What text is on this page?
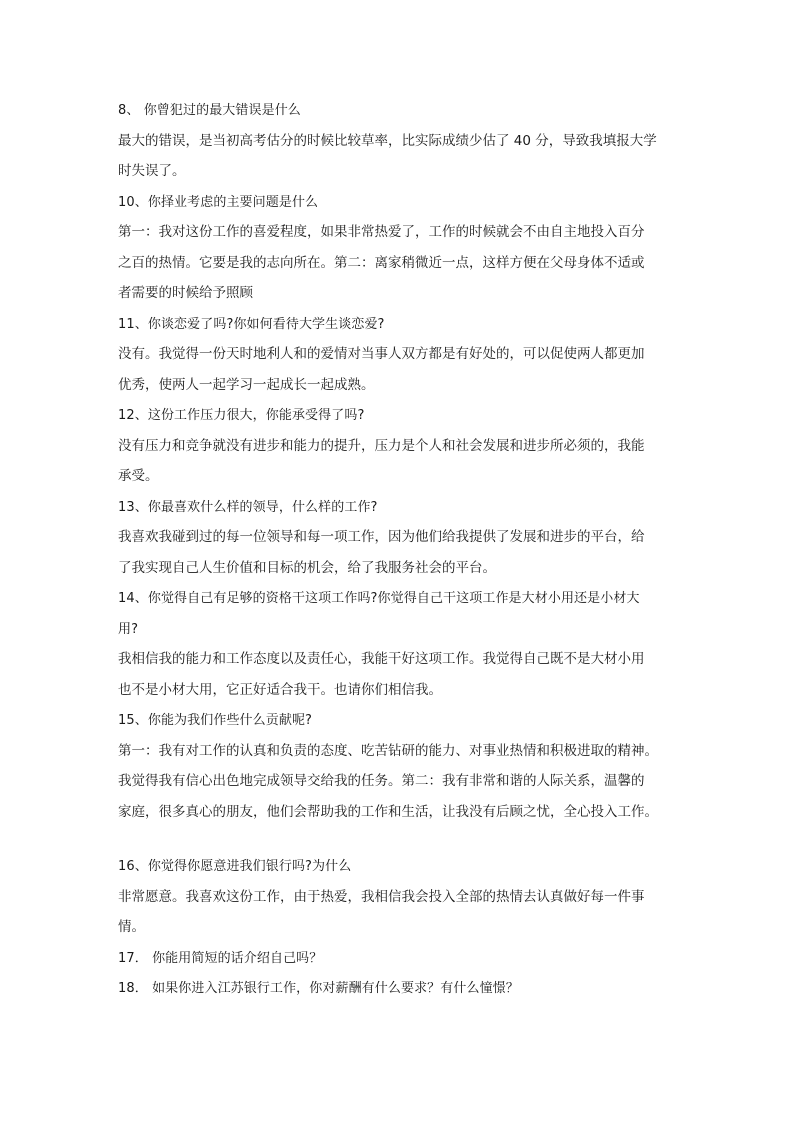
8、 你曾犯过的最大错误是什么
最大的错误，是当初高考估分的时候比较草率，比实际成绩少估了 40 分，导致我填报大学
时失误了。
10、你择业考虑的主要问题是什么
第一：我对这份工作的喜爱程度，如果非常热爱了，工作的时候就会不由自主地投入百分
之百的热情。它要是我的志向所在。第二：离家稍微近一点，这样方便在父母身体不适或
者需要的时候给予照顾
11、你谈恋爱了吗?你如何看待大学生谈恋爱?
没有。我觉得一份天时地利人和的爱情对当事人双方都是有好处的，可以促使两人都更加
优秀，使两人一起学习一起成长一起成熟。
12、这份工作压力很大，你能承受得了吗?
没有压力和竞争就没有进步和能力的提升，压力是个人和社会发展和进步所必须的，我能
承受。
13、你最喜欢什么样的领导，什么样的工作?
我喜欢我碰到过的每一位领导和每一项工作，因为他们给我提供了发展和进步的平台，给
了我实现自己人生价值和目标的机会，给了我服务社会的平台。
14、你觉得自己有足够的资格干这项工作吗?你觉得自己干这项工作是大材小用还是小材大
用?
我相信我的能力和工作态度以及责任心，我能干好这项工作。我觉得自己既不是大材小用
也不是小材大用，它正好适合我干。也请你们相信我。
15、你能为我们作些什么贡献呢?
第一：我有对工作的认真和负责的态度、吃苦钻研的能力、对事业热情和积极进取的精神。
我觉得我有信心出色地完成领导交给我的任务。第二：我有非常和谐的人际关系，温馨的
家庭，很多真心的朋友，他们会帮助我的工作和生活，让我没有后顾之忧，全心投入工作。
16、你觉得你愿意进我们银行吗?为什么
非常愿意。我喜欢这份工作，由于热爱，我相信我会投入全部的热情去认真做好每一件事
情。
17． 你能用简短的话介绍自己吗？
18． 如果你进入江苏银行工作，你对薪酬有什么要求？有什么憧憬？
